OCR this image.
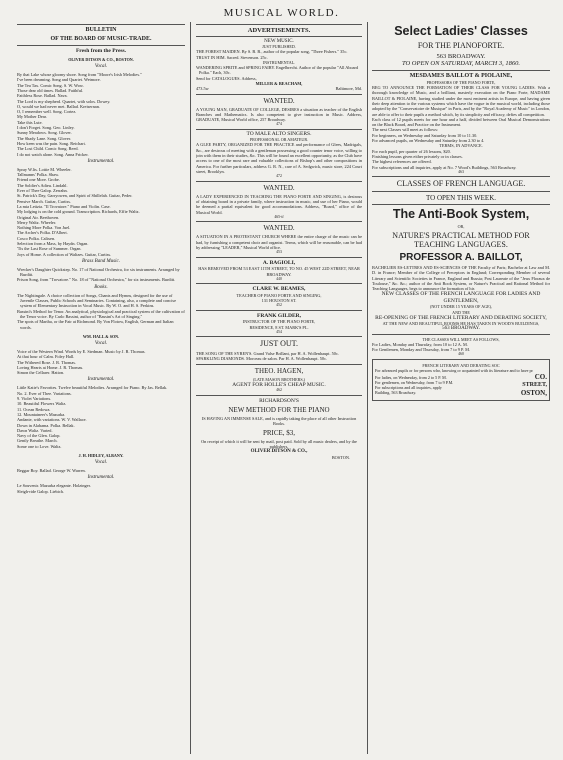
MUSICAL WORLD.
BULLETIN
OF THE BOARD OF MUSIC-TRADE.
Fresh from the Press.
OLIVER DITSON & CO., BOSTON.
Vocal.
By that Lake whose gloomy shore. Song from "Moore's Irish Melodies."
I've been dreaming. Song and Quartet. Wetmore.
The Tea Tax. Comic Song. S. W. Wow.
Those dear old times. Ballad. Faithful.
Faithless Rose. Ballad. Nava.
The Lord is my shepherd. Quartet, with solos. Dowey.
O, would we had never met. Ballad. Kreisernan.
O, I remember well. Song. Cortez.
My Mother Dear.
Take this Lute.
I don't Forget. Song. Geo. Linley.
Sunny Meadows. Song. Glover.
The Shady Lane. Song. Glover.
How keen was the pain. Song. Reichart.
The Lost Child. Comic Song. Reed.
I do not watch alone. Song. Anna Fricker.
Instrumental.
Spray W.lts. Lottie M. Wheeler.
Tallmanns' Polka. Shaw.
Friend one More. Grobe.
The Soldier's Adieu. Lindahl.
Ever of Thee Galop. Zerrahn.
St. Patrick's Day, Garryowen, and Spirit of Shillelah. Guitar, Peder.
Pensive March. Guitar, Curtiss.
La mia Letizia. "Il Trovatore." Piano and Violin. Case.
My lodging is on the cold ground. Transcription. Richards, Effie Waltz.
Original Air. Beethoven.
Merry Waltz. Wheeler.
Nothing More Polka. Von Juel.
The Archer's Polka. D'Albert.
Cosco Polka. Calixen.
Selection from a Mass, by Haydn. Organ.
'Tis the Last Rose of Summer. Organ.
Joys of Home. A collection of Waltzes. Guitar, Curtiss.
Brass Band Music.
Wrecker's Daughter Quickstep. No. 17 of National Orchestra, for six instruments. Arranged by Burditt.
Prison Song, from "Trovatore." No. 18 of "National Orchestra," for six instruments. Burditt.
Books.
The Nightingale. A choice collection of Songs, Chants and Hymns, designed for the use of Juvenile Classes, Public Schools and Seminaries. Containing, also, a complete and concise system of Elementary Instruction in Vocal Music. By W. O. and H. S. Perkins.
Bassini's Method for Tenor. An analytical, physiological and practical system of the cultivation of the Tenor voice. By Carlo Bassini, author of "Bassini's Art of Singing."
The spots of Martha, or the Fair at Richmond. By Von Flotow, English, German and Italian words.
WM. HALL & SON.
Vocal.
Voice of the Western Wind. Words by E. Stedman. Music by J. R. Thomas.
At that hour of Calm. Foley Hall.
The Withered Rose. J. R. Thomas.
Loving Hearts at Home. J. R. Thomas.
Simon the Cellarer. Hatton.
Instrumental.
Little Katie's Favorites. Twelve beautiful Melodies. Arranged for Piano. By Jas. Bellak.
No. 2. Ever of Thee. Variations.
9. Violet Variations.
10. Beautiful Flowers Waltz.
11. Ocean Redowa.
12. Mountaineer's Mazurka.
Andante, with variations. W. V. Wallace.
Down in Alabama. Polka. Bellak.
Dawn Waltz. Varied.
Navy of the Glen. Galop.
Gently Breathe. March.
Some one to Love. Waltz.
J. H. HIDLEY, ALBANY.
Vocal.
Beggar Boy. Ballad. George W. Warren.
Instrumental.
Le Souvenir. Mazurka elegante. Holzinger.
Sleigh-ride Galop. Liebich.
ADVERTISEMENTS.
NEW MUSIC.
JUST PUBLISHED.
THE FOREST MAIDEN. By S. B. B., author of the popular song, "Three Fishers." 35c.
TRUST IN HIM. Sacred. Stevenson. 25c.
INSTRUMENTAL.
WANDERING SPRITE and SPRING FAIRY. Engelbrecht. Author of the popular "All Aboard Polka." Each, 30c.
Send for CATALOGUES. Address,
MILLER & BEACHAM,
473.5w	Baltimore, Md.
WANTED.
A YOUNG MAN, GRADUATE OF COLLEGE, DESIRES a situation as teacher of the English Branches and Mathematics. Is also competent to give instruction in Music. Address, GRADUATE, Musical World office, 257 Broadway.
474
TO MALE ALTO SINGERS.
PROFESSIONAL OR AMATEUR.
A GLEE PARTY, ORGANIZED FOR THE PRACTICE and performance of Glees, Madrigals, &c., are desirous of meeting with a gentleman possessing a good counter tenor voice, willing to join with them in their studies, &c. This will be found an excellent opportunity, as the Club have access to one of the most rare and valuable collections of Bishop's and other compositions in America. For further particulars, address G. R. N., care of A. Sedgwick, music store, 224 Court street, Brooklyn.
472
WANTED.
A LADY EXPERIENCED IN TEACHING THE PIANO FORTE AND SINGING, is desirous of obtaining board in a private family, where instruction in music, and use of her Piano, would be deemed a partial equivalent for good accommodations. Address, "Board," office of the Musical World.
465-tf
WANTED.
A SITUATION IN A PROTESTANT CHURCH WHERE the entire charge of the music can be had, by furnishing a competent choir and organist. Terms, which will be reasonable, can be had by addressing "LEADER," Musical World office.
453
A. BAGIOLI,
HAS REMOVED FROM 53 EAST 11TH STREET, TO NO. 45 WEST 22D STREET, NEAR BROADWAY.
440
CLARE W. BEAMES,
TEACHER OF PIANO FORTE AND SINGING,
131 HOUSTON ST.
452
FRANK GILDER,
INSTRUCTOR OF THE PIANO FORTE,
RESIDENCE, 8 ST. MARK'S PL.
454
JUST OUT.
THE SONG OF THE SYREN'S. Grand Valse Brillant, par H. A. Wollenhaupt. 50c.
SPARKLING DIAMONDS. Morceau de salon. Par H. A. Wollenhaupt. 50c.
THEO. HAGEN,
(LATE MASON BROTHERS,)
AGENT FOR HOLLE'S CHEAP MUSIC.
462
RICHARDSON'S
NEW METHOD FOR THE PIANO
IS HAVING AN IMMENSE SALE, and is rapidly taking the place of all other Instruction Books.
PRICE, $3,
On receipt of which it will be sent by mail, post paid. Sold by all music dealers, and by the publishers,
OLIVER DITSON & CO.,
BOSTON.
Select Ladies' Classes
FOR THE PIANOFORTE.
563 BROADWAY.
TO OPEN ON SATURDAY, MARCH 3, 1860.
MESDAMES BAILLOT & PIOLAINE,
PROFESSORS OF THE PIANO FORTE,
BEG TO ANNOUNCE THE FORMATION OF THEIR CLASS FOR YOUNG LADIES. With a thorough knowledge of Music, and a brilliant, masterly execution on the Piano Forte, MADAME BAILLOT & PIOLAINE, having studied under the most eminent artists in Europe, and having given their deep attention to the various systems which have the vogue in the musical world, including those adopted by the "Conservatoire de Musique" in Paris, and by the "Royal Academy of Music" in London, are able to offer to their pupils a method which, by its simplicity and efficacy, defies all competition.
Each class of 12 pupils meets for one hour and a half, divided between Oral Musical Demonstrations on the Black Board, and Practice on the Instrument.
The next Classes will meet as follows:
For beginners, on Wednesday and Saturday from 10 to 11.30.
For advanced pupils, on Wednesday and Saturday from 2.30 to 4.
TERMS, IN ADVANCE.
For each pupil, per quarter of 26 lessons, $20.
Finishing lessons given either privately or in classes.
The highest references are offered.
For subscriptions and all inquiries, apply at No. 7 Wood's Buildings, 563 Broadway.
463
CLASSES OF FRENCH LANGUAGE.
TO OPEN THIS WEEK.
The Anti-Book System,
OR,
NATURE'S PRACTICAL METHOD FOR TEACHING LANGUAGES.
PROFESSOR A. BAILLOT,
BACHELIER ES-LETTRES AND ES-SCIENCES OF THE Faculty of Paris; Bachelor at Law and M. D. in France; Member of the College of Preceptors in England; Corresponding Member of several Literary and Scientific Societies in France, England and Russia; Post Laureate of the "Jeux Floraux de Toulouse," &c. &c.; author of the Anti Book System, or Nature's Practical and Rational Method for Teaching Languages, begs to announce the formation of his
NEW CLASSES OF THE FRENCH LANGUAGE FOR LADIES AND GENTLEMEN,
(NOT UNDER 15 YEARS OF AGE),
AND THE
RE-OPENING OF THE FRENCH LITERARY AND DEBATING SOCIETY,
AT THE NEW AND BEAUTIFUL ROOMS HE HAS TAKEN IN WOOD'S BUILDINGS,
563 BROADWAY.
THE CLASSES WILL MEET AS FOLLOWS,
For Ladies, Monday and Thursday, from 10 to 12 A. M.
For Gentlemen, Monday and Thursday, from 7 to 9 P. M.
460
FRENCH LITERARY AND DEBATING SOC
For advanced pupils or for persons who, knowing or acquainted with its literature and to have pr
For ladies, on Wednesday, from 2 to 5 P. M.
For gentlemen, on Wednesday, from 7 to 9 P.M.
For subscriptions and all inquiries, apply
Building, 563 Broadway.
CO.
STREET,
OSTON,
